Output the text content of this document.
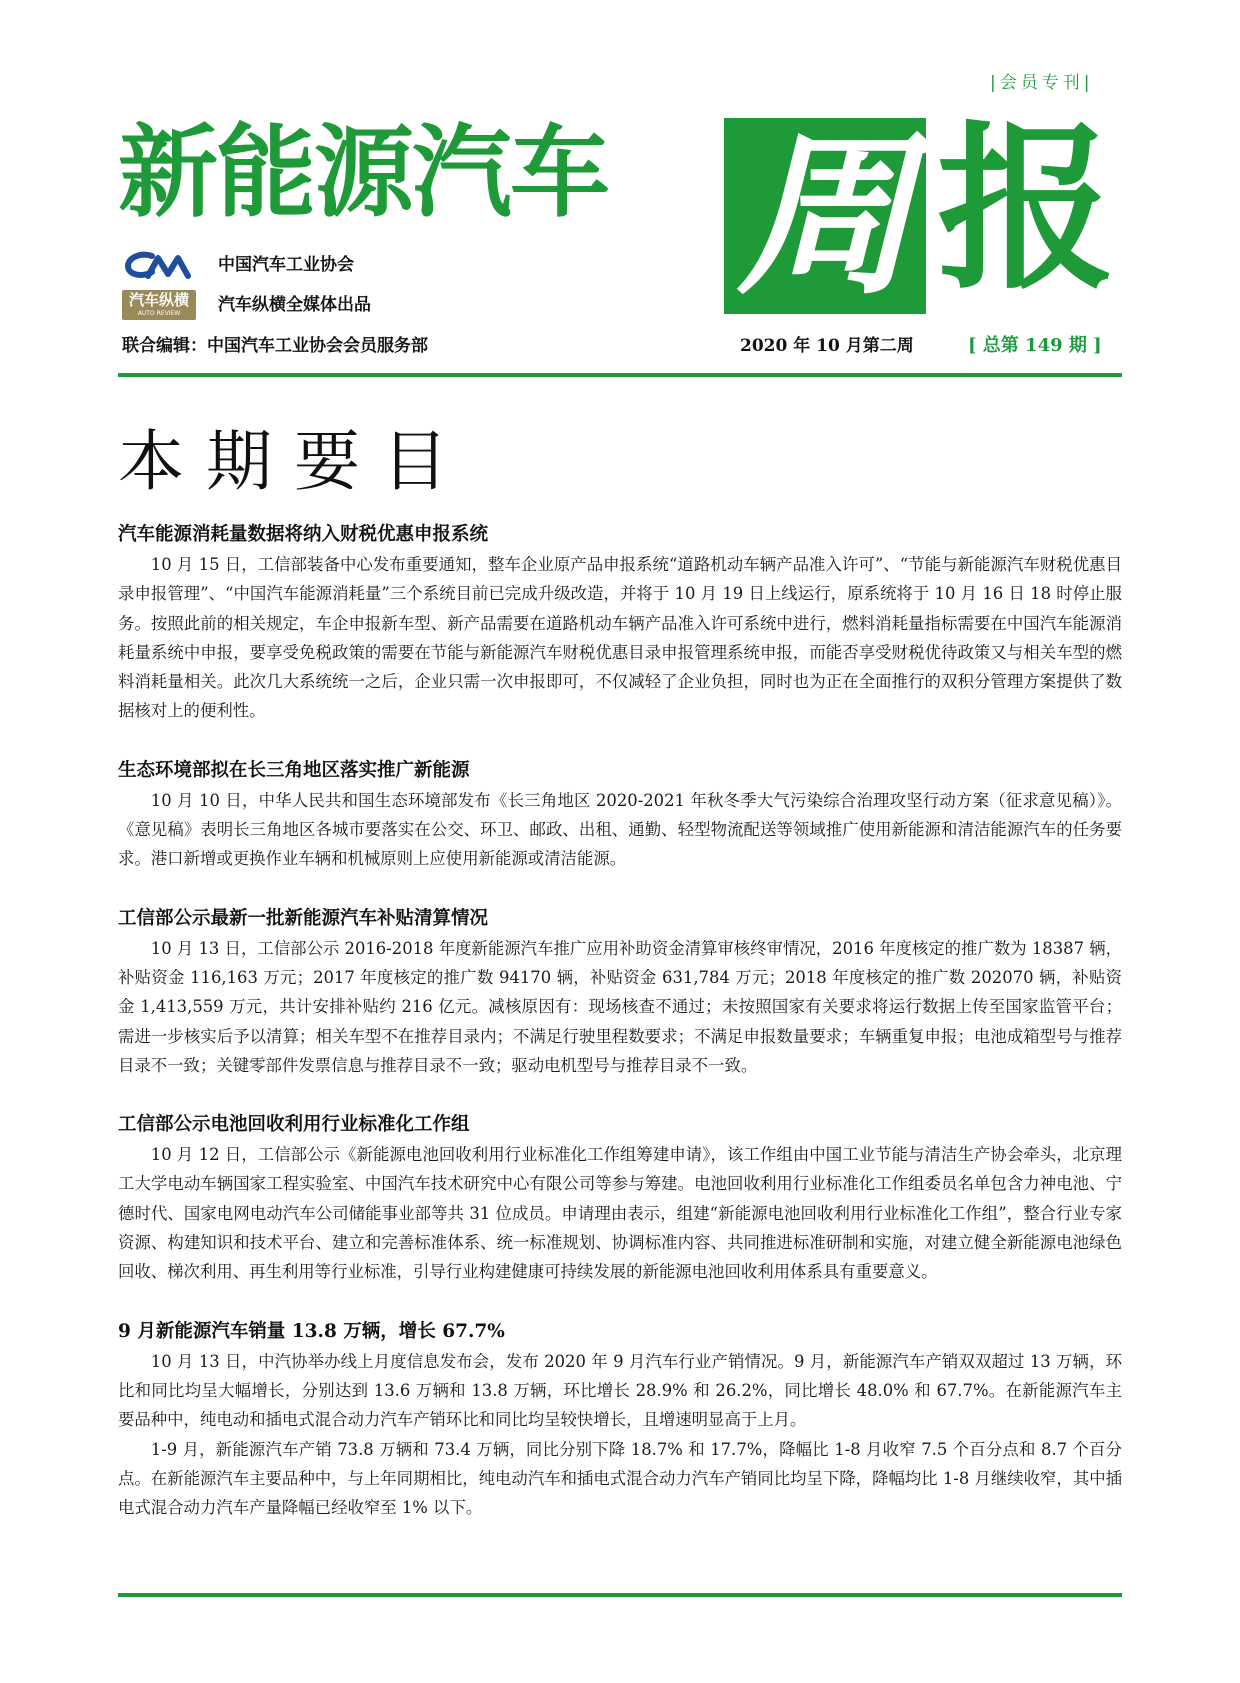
|会员专刊|
新能源汽车 周 报
中国汽车工业协会
汽车纵横
AUTO REVIEW	汽车纵横全媒体出品
联合编辑：中国汽车工业协会会员服务部	2020 年 10 月第二周	[ 总第 149 期 ]
本期要目
汽车能源消耗量数据将纳入财税优惠申报系统

10 月 15 日，工信部装备中心发布重要通知，整车企业原产品申报系统“道路机动车辆产品准入许可”、“节能与新能源汽车财税优惠目录申报管理”、“中国汽车能源消耗量”三个系统目前已完成升级改造，并将于 10 月 19 日上线运行，原系统将于 10 月 16 日 18 时停止服务。按照此前的相关规定，车企申报新车型、新产品需要在道路机动车辆产品准入许可系统中进行，燃料消耗量指标需要在中国汽车能源消耗量系统中申报，要享受免税政策的需要在节能与新能源汽车财税优惠目录申报管理系统申报，而能否享受财税优待政策又与相关车型的燃料消耗量相关。此次几大系统统一之后，企业只需一次申报即可，不仅减轻了企业负担，同时也为正在全面推行的双积分管理方案提供了数据核对上的便利性。

生态环境部拟在长三角地区落实推广新能源

10 月 10 日，中华人民共和国生态环境部发布《长三角地区 2020-2021 年秋冬季大气污染综合治理攻坚行动方案（征求意见稿）》。《意见稿》表明长三角地区各城市要落实在公交、环卫、邮政、出租、通勤、轻型物流配送等领域推广使用新能源和清洁能源汽车的任务要求。港口新增或更换作业车辆和机械原则上应使用新能源或清洁能源。

工信部公示最新一批新能源汽车补贴清算情况

10 月 13 日，工信部公示 2016-2018 年度新能源汽车推广应用补助资金清算审核终审情况，2016 年度核定的推广数为 18387 辆，补贴资金 116,163 万元；2017 年度核定的推广数 94170 辆，补贴资金 631,784 万元；2018 年度核定的推广数 202070 辆，补贴资金 1,413,559 万元，共计安排补贴约 216 亿元。减核原因有：现场核查不通过；未按照国家有关要求将运行数据上传至国家监管平台；需进一步核实后予以清算；相关车型不在推荐目录内；不满足行驶里程数要求；不满足申报数量要求；车辆重复申报；电池成箱型号与推荐目录不一致；关键零部件发票信息与推荐目录不一致；驱动电机型号与推荐目录不一致。

工信部公示电池回收利用行业标准化工作组

10 月 12 日，工信部公示《新能源电池回收利用行业标准化工作组筹建申请》，该工作组由中国工业节能与清洁生产协会牵头，北京理工大学电动车辆国家工程实验室、中国汽车技术研究中心有限公司等参与筹建。电池回收利用行业标准化工作组委员名单包含力神电池、宁德时代、国家电网电动汽车公司储能事业部等共 31 位成员。申请理由表示，组建“新能源电池回收利用行业标准化工作组”，整合行业专家资源、构建知识和技术平台、建立和完善标准体系、统一标准规划、协调标准内容、共同推进标准研制和实施，对建立健全新能源电池绿色回收、梯次利用、再生利用等行业标准，引导行业构建健康可持续发展的新能源电池回收利用体系具有重要意义。

9 月新能源汽车销量 13.8 万辆，增长 67.7%

10 月 13 日，中汽协举办线上月度信息发布会，发布 2020 年 9 月汽车行业产销情况。9 月，新能源汽车产销双双超过 13 万辆，环比和同比均呈大幅增长，分别达到 13.6 万辆和 13.8 万辆，环比增长 28.9% 和 26.2%，同比增长 48.0% 和 67.7%。在新能源汽车主要品种中，纯电动和插电式混合动力汽车产销环比和同比均呈较快增长，且增速明显高于上月。

1-9 月，新能源汽车产销 73.8 万辆和 73.4 万辆，同比分别下降 18.7% 和 17.7%，降幅比 1-8 月收窄 7.5 个百分点和 8.7 个百分点。在新能源汽车主要品种中，与上年同期相比，纯电动汽车和插电式混合动力汽车产销同比均呈下降，降幅均比 1-8 月继续收窄，其中插电式混合动力汽车产量降幅已经收窄至 1% 以下。
